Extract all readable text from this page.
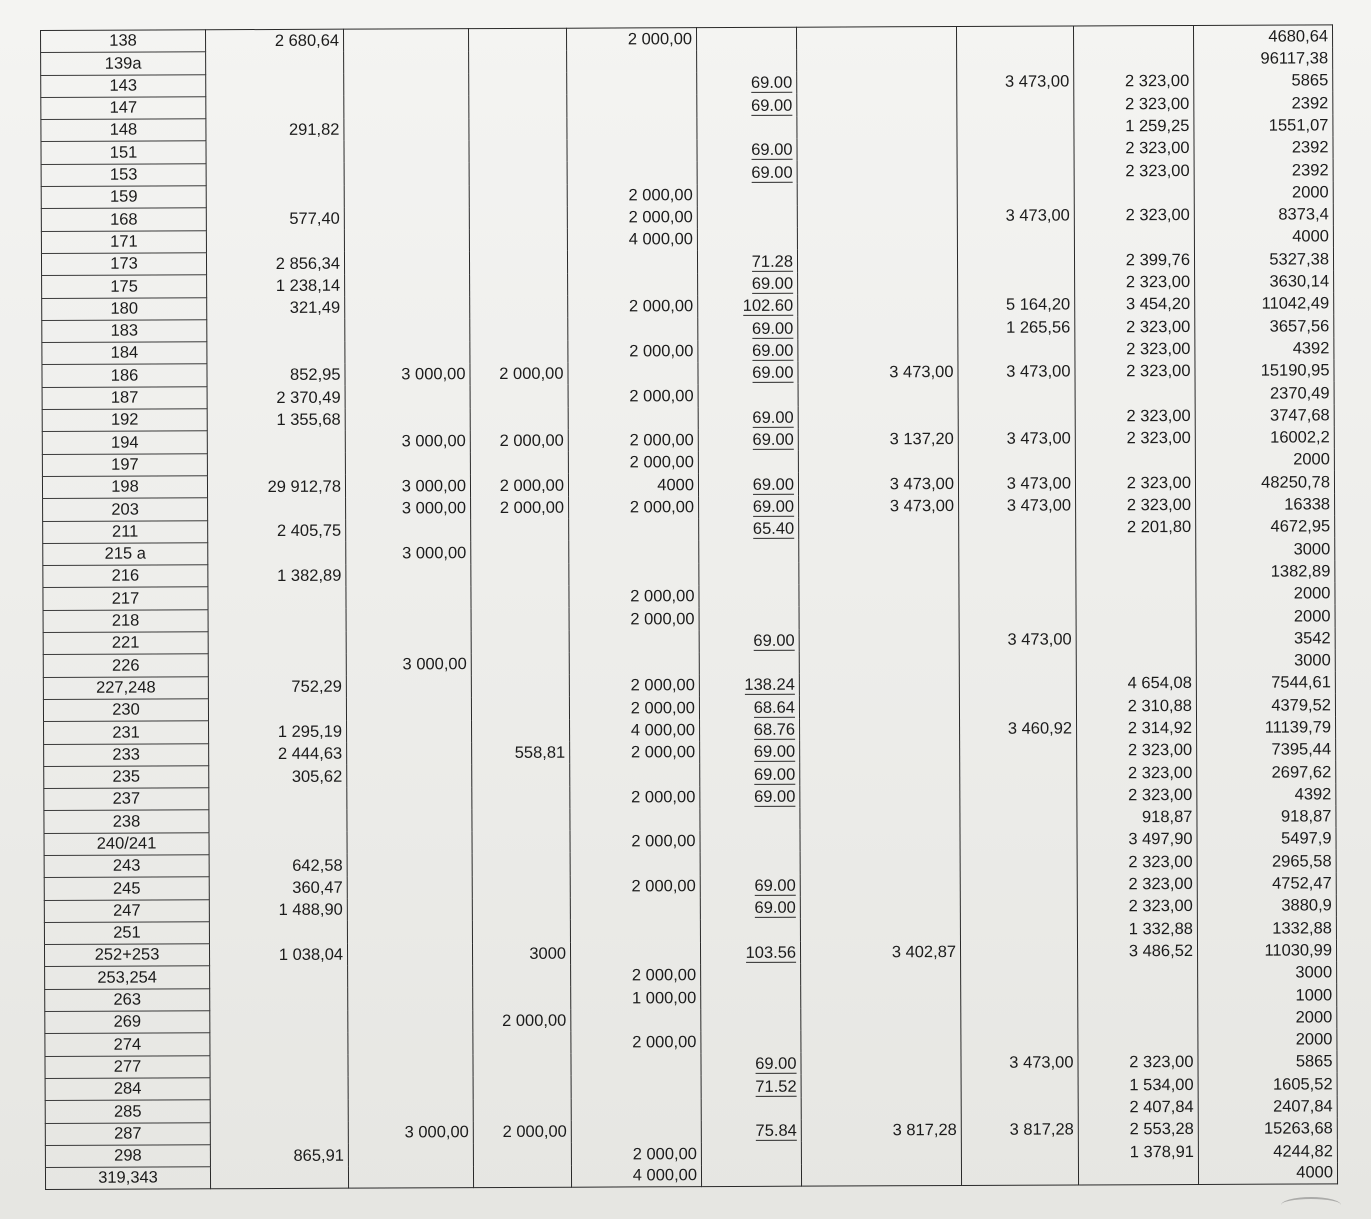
138	2 680,64			2 000,00					4680,64
139a									96117,38
143					69.00		3 473,00	2 323,00	5865
147					69.00			2 323,00	2392
148	291,82							1 259,25	1551,07
151					69.00			2 323,00	2392
153					69.00			2 323,00	2392
159				2 000,00					2000
168	577,40			2 000,00			3 473,00	2 323,00	8373,4
171				4 000,00					4000
173	2 856,34				71.28			2 399,76	5327,38
175	1 238,14				69.00			2 323,00	3630,14
180	321,49			2 000,00	102.60		5 164,20	3 454,20	11042,49
183					69.00		1 265,56	2 323,00	3657,56
184				2 000,00	69.00			2 323,00	4392
186	852,95	3 000,00	2 000,00		69.00	3 473,00	3 473,00	2 323,00	15190,95
187	2 370,49			2 000,00					2370,49
192	1 355,68				69.00			2 323,00	3747,68
194		3 000,00	2 000,00	2 000,00	69.00	3 137,20	3 473,00	2 323,00	16002,2
197				2 000,00					2000
198	29 912,78	3 000,00	2 000,00	4000	69.00	3 473,00	3 473,00	2 323,00	48250,78
203		3 000,00	2 000,00	2 000,00	69.00	3 473,00	3 473,00	2 323,00	16338
211	2 405,75				65.40			2 201,80	4672,95
215 a		3 000,00							3000
216	1 382,89								1382,89
217				2 000,00					2000
218				2 000,00					2000
221					69.00		3 473,00		3542
226		3 000,00							3000
227,248	752,29			2 000,00	138.24			4 654,08	7544,61
230				2 000,00	68.64			2 310,88	4379,52
231	1 295,19			4 000,00	68.76		3 460,92	2 314,92	11139,79
233	2 444,63		558,81	2 000,00	69.00			2 323,00	7395,44
235	305,62				69.00			2 323,00	2697,62
237				2 000,00	69.00			2 323,00	4392
238								918,87	918,87
240/241				2 000,00				3 497,90	5497,9
243	642,58							2 323,00	2965,58
245	360,47			2 000,00	69.00			2 323,00	4752,47
247	1 488,90				69.00			2 323,00	3880,9
251								1 332,88	1332,88
252+253	1 038,04		3000		103.56	3 402,87		3 486,52	11030,99
253,254				2 000,00					3000
263				1 000,00					1000
269			2 000,00						2000
274				2 000,00					2000
277					69.00		3 473,00	2 323,00	5865
284					71.52			1 534,00	1605,52
285								2 407,84	2407,84
287		3 000,00	2 000,00		75.84	3 817,28	3 817,28	2 553,28	15263,68
298	865,91			2 000,00				1 378,91	4244,82
319,343				4 000,00					4000
